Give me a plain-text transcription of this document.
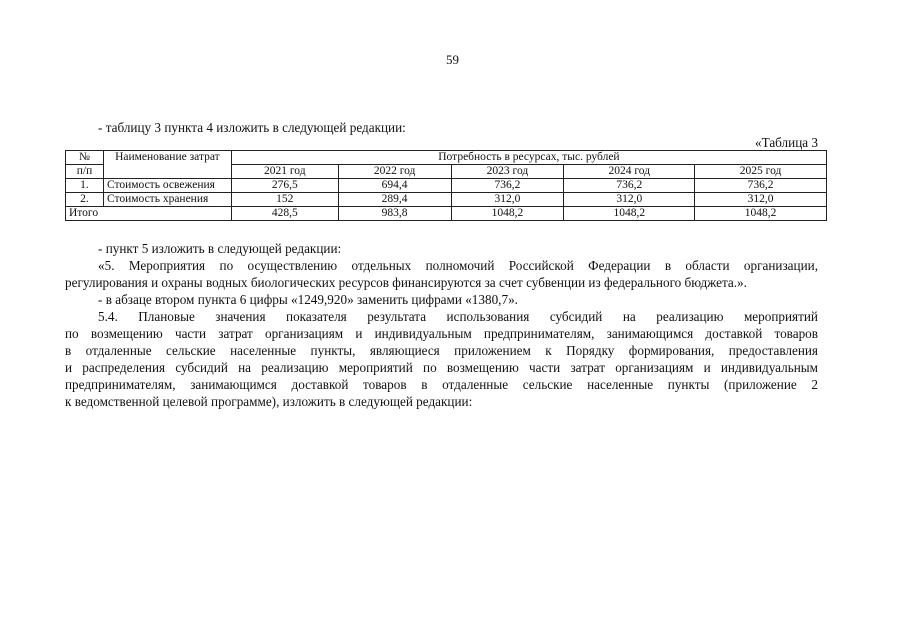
59
- таблицу 3 пункта 4 изложить в следующей редакции:
«Таблица 3
№	Наименование затрат	Потребность в ресурсах, тыс. рублей				
п/п		2021 год	2022 год	2023 год	2024 год	2025 год
1.	Стоимость освежения	276,5	694,4	736,2	736,2	736,2
2.	Стоимость хранения	152	289,4	312,0	312,0	312,0
Итого		428,5	983,8	1048,2	1048,2	1048,2
- пункт 5 изложить в следующей редакции:
«5. Мероприятия по осуществлению отдельных полномочий Российской Федерации в области организации,
регулирования и охраны водных биологических ресурсов финансируются за счет субвенции из федерального бюджета.».
- в абзаце втором пункта 6 цифры «1249,920» заменить цифрами «1380,7».
5.4. Плановые значения показателя результата использования субсидий на реализацию мероприятий
по возмещению части затрат организациям и индивидуальным предпринимателям, занимающимся доставкой товаров
в отдаленные сельские населенные пункты, являющиеся приложением к Порядку формирования, предоставления
и распределения субсидий на реализацию мероприятий по возмещению части затрат организациям и индивидуальным
предпринимателям, занимающимся доставкой товаров в отдаленные сельские населенные пункты (приложение 2
к ведомственной целевой программе), изложить в следующей редакции:
